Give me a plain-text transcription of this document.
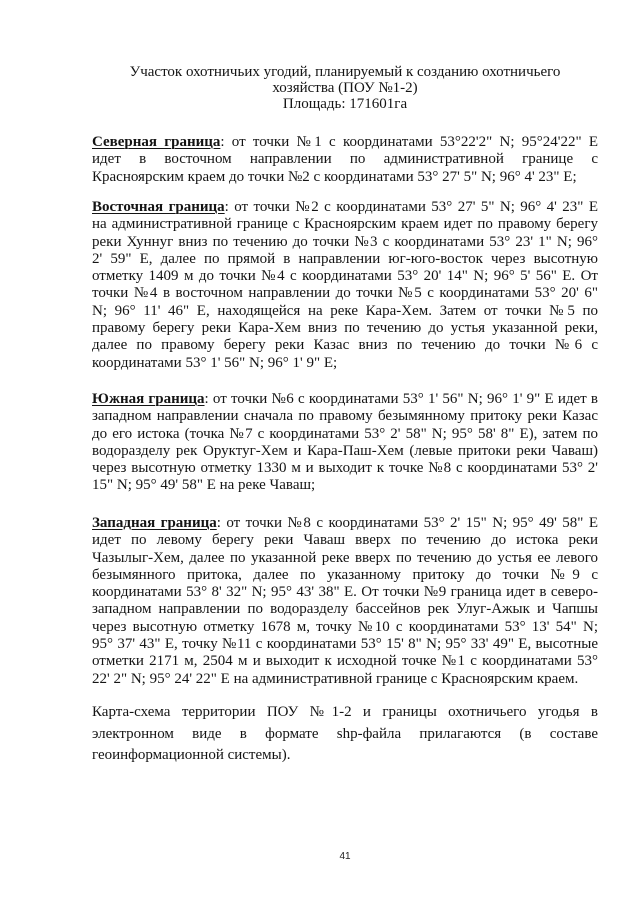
Участок охотничьих угодий, планируемый к созданию охотничьего
хозяйства (ПОУ №1-2)
Площадь: 171601га
Северная граница: от точки №1 с координатами 53°22'2" N; 95°24'22" E
идет в восточном направлении по административной границе с
Красноярским краем до точки №2 с координатами 53° 27' 5" N; 96° 4' 23" E;
Восточная граница: от точки №2 с координатами 53° 27' 5" N; 96° 4' 23" E
на административной границе с Красноярским краем идет по правому берегу
реки Хуннуг вниз по течению до точки №3 с координатами 53° 23' 1" N; 96°
2' 59" E, далее по прямой в направлении юг-юго-восток через высотную
отметку 1409 м до точки №4 с координатами 53° 20' 14" N; 96° 5' 56" E. От
точки №4 в восточном направлении до точки №5 с координатами 53° 20' 6"
N; 96° 11' 46" E, находящейся на реке Кара-Хем. Затем от точки №5 по
правому берегу реки Кара-Хем вниз по течению до устья указанной реки,
далее по правому берегу реки Казас вниз по течению до точки №6 с
координатами 53° 1' 56" N; 96° 1' 9" E;
Южная граница: от точки №6 с координатами 53° 1' 56" N; 96° 1' 9" E идет в
западном направлении сначала по правому безымянному притоку реки Казас
до его истока (точка №7 с координатами 53° 2' 58" N; 95° 58' 8" E), затем по
водоразделу рек Оруктуг-Хем и Кара-Паш-Хем (левые притоки реки Чаваш)
через высотную отметку 1330 м и выходит к точке №8 с координатами 53° 2'
15" N; 95° 49' 58" E на реке Чаваш;
Западная граница: от точки №8 с координатами 53° 2' 15" N; 95° 49' 58" E
идет по левому берегу реки Чаваш вверх по течению до истока реки
Чазылыг-Хем, далее по указанной реке вверх по течению до устья ее левого
безымянного притока, далее по указанному притоку до точки №9 с
координатами 53° 8' 32" N; 95° 43' 38" E. От точки №9 граница идет в северо-
западном направлении по водоразделу бассейнов рек Улуг-Ажык и Чапшы
через высотную отметку 1678 м, точку №10 с координатами 53° 13' 54" N;
95° 37' 43" E, точку №11 с координатами 53° 15' 8" N; 95° 33' 49" E, высотные
отметки 2171 м, 2504 м и выходит к исходной точке №1 с координатами 53°
22' 2" N; 95° 24' 22" E на административной границе с Красноярским краем.
Карта-схема территории ПОУ №1-2 и границы охотничьего угодья в
электронном виде в формате shp-файла прилагаются (в составе
геоинформационной системы).
41
